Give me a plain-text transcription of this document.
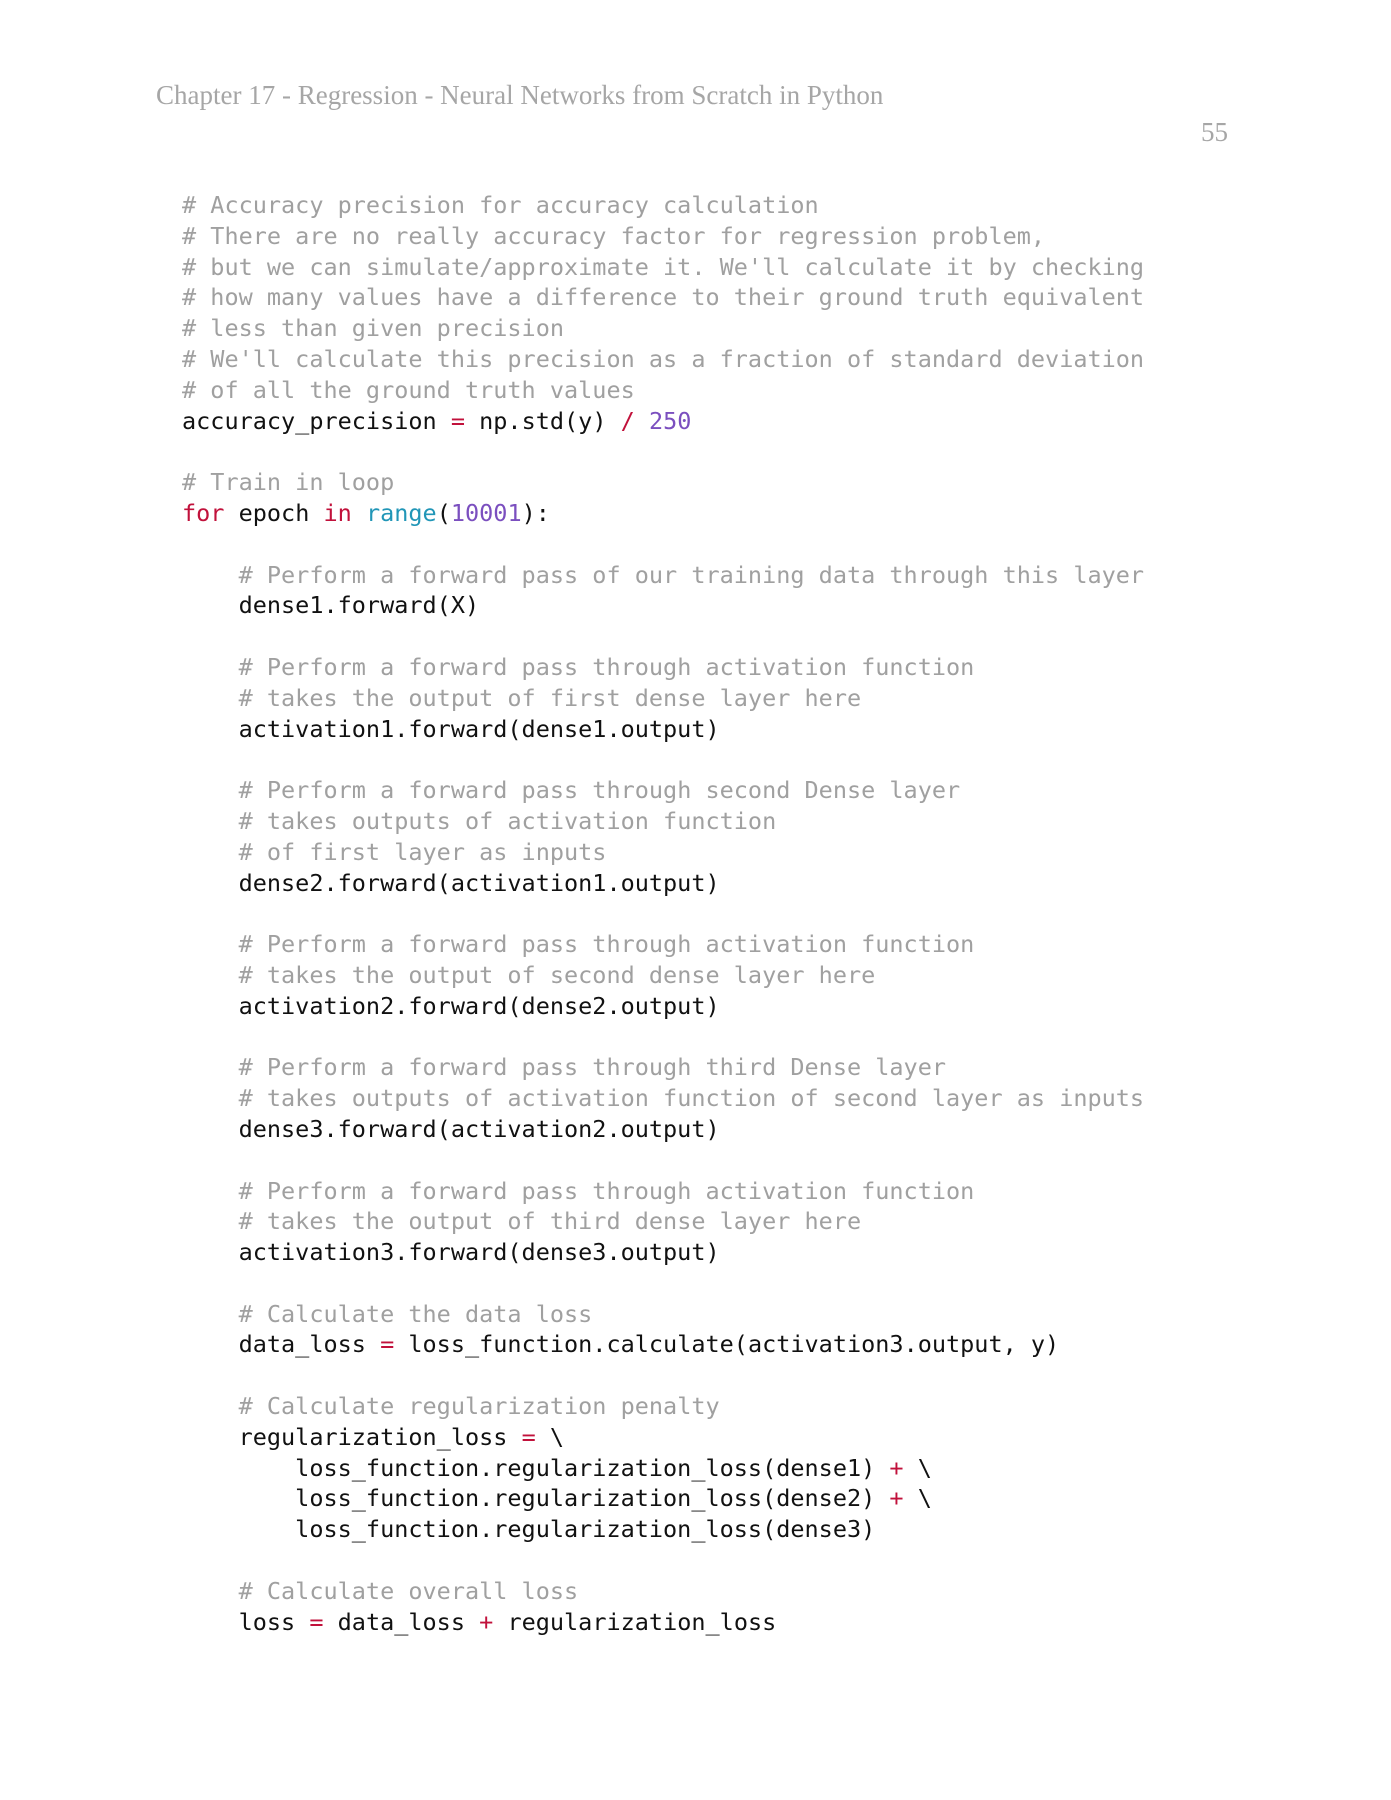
Chapter 17 - Regression - Neural Networks from Scratch in Python
55
# Accuracy precision for accuracy calculation
# There are no really accuracy factor for regression problem,
# but we can simulate/approximate it. We'll calculate it by checking
# how many values have a difference to their ground truth equivalent
# less than given precision
# We'll calculate this precision as a fraction of standard deviation
# of all the ground truth values
accuracy_precision = np.std(y) / 250

# Train in loop
for epoch in range(10001):

# Perform a forward pass of our training data through this layer
dense1.forward(X)

# Perform a forward pass through activation function
# takes the output of first dense layer here
activation1.forward(dense1.output)

# Perform a forward pass through second Dense layer
# takes outputs of activation function
# of first layer as inputs
dense2.forward(activation1.output)

# Perform a forward pass through activation function
# takes the output of second dense layer here
activation2.forward(dense2.output)

# Perform a forward pass through third Dense layer
# takes outputs of activation function of second layer as inputs
dense3.forward(activation2.output)

# Perform a forward pass through activation function
# takes the output of third dense layer here
activation3.forward(dense3.output)

# Calculate the data loss
data_loss = loss_function.calculate(activation3.output, y)

# Calculate regularization penalty
regularization_loss = \
loss_function.regularization_loss(dense1) + \
loss_function.regularization_loss(dense2) + \
loss_function.regularization_loss(dense3)

# Calculate overall loss
loss = data_loss + regularization_loss
